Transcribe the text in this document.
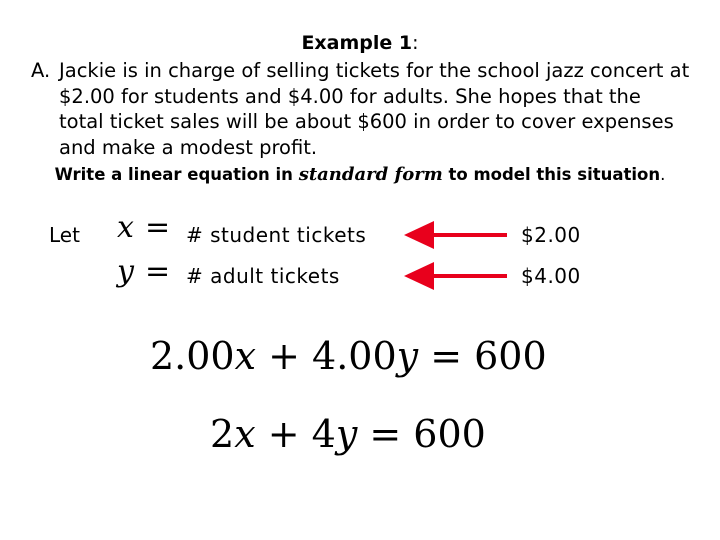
Example 1:
A. Jackie is in charge of selling tickets for the school jazz concert at
$2.00 for students and $4.00 for adults. She hopes that the
total ticket sales will be about $600 in order to cover expenses
and make a modest profit.
Write a linear equation in standard form to model this situation.
Let x = # student tickets	$2.00
y = # adult tickets	$4.00
2.00x + 4.00y = 600
2x + 4y = 600
